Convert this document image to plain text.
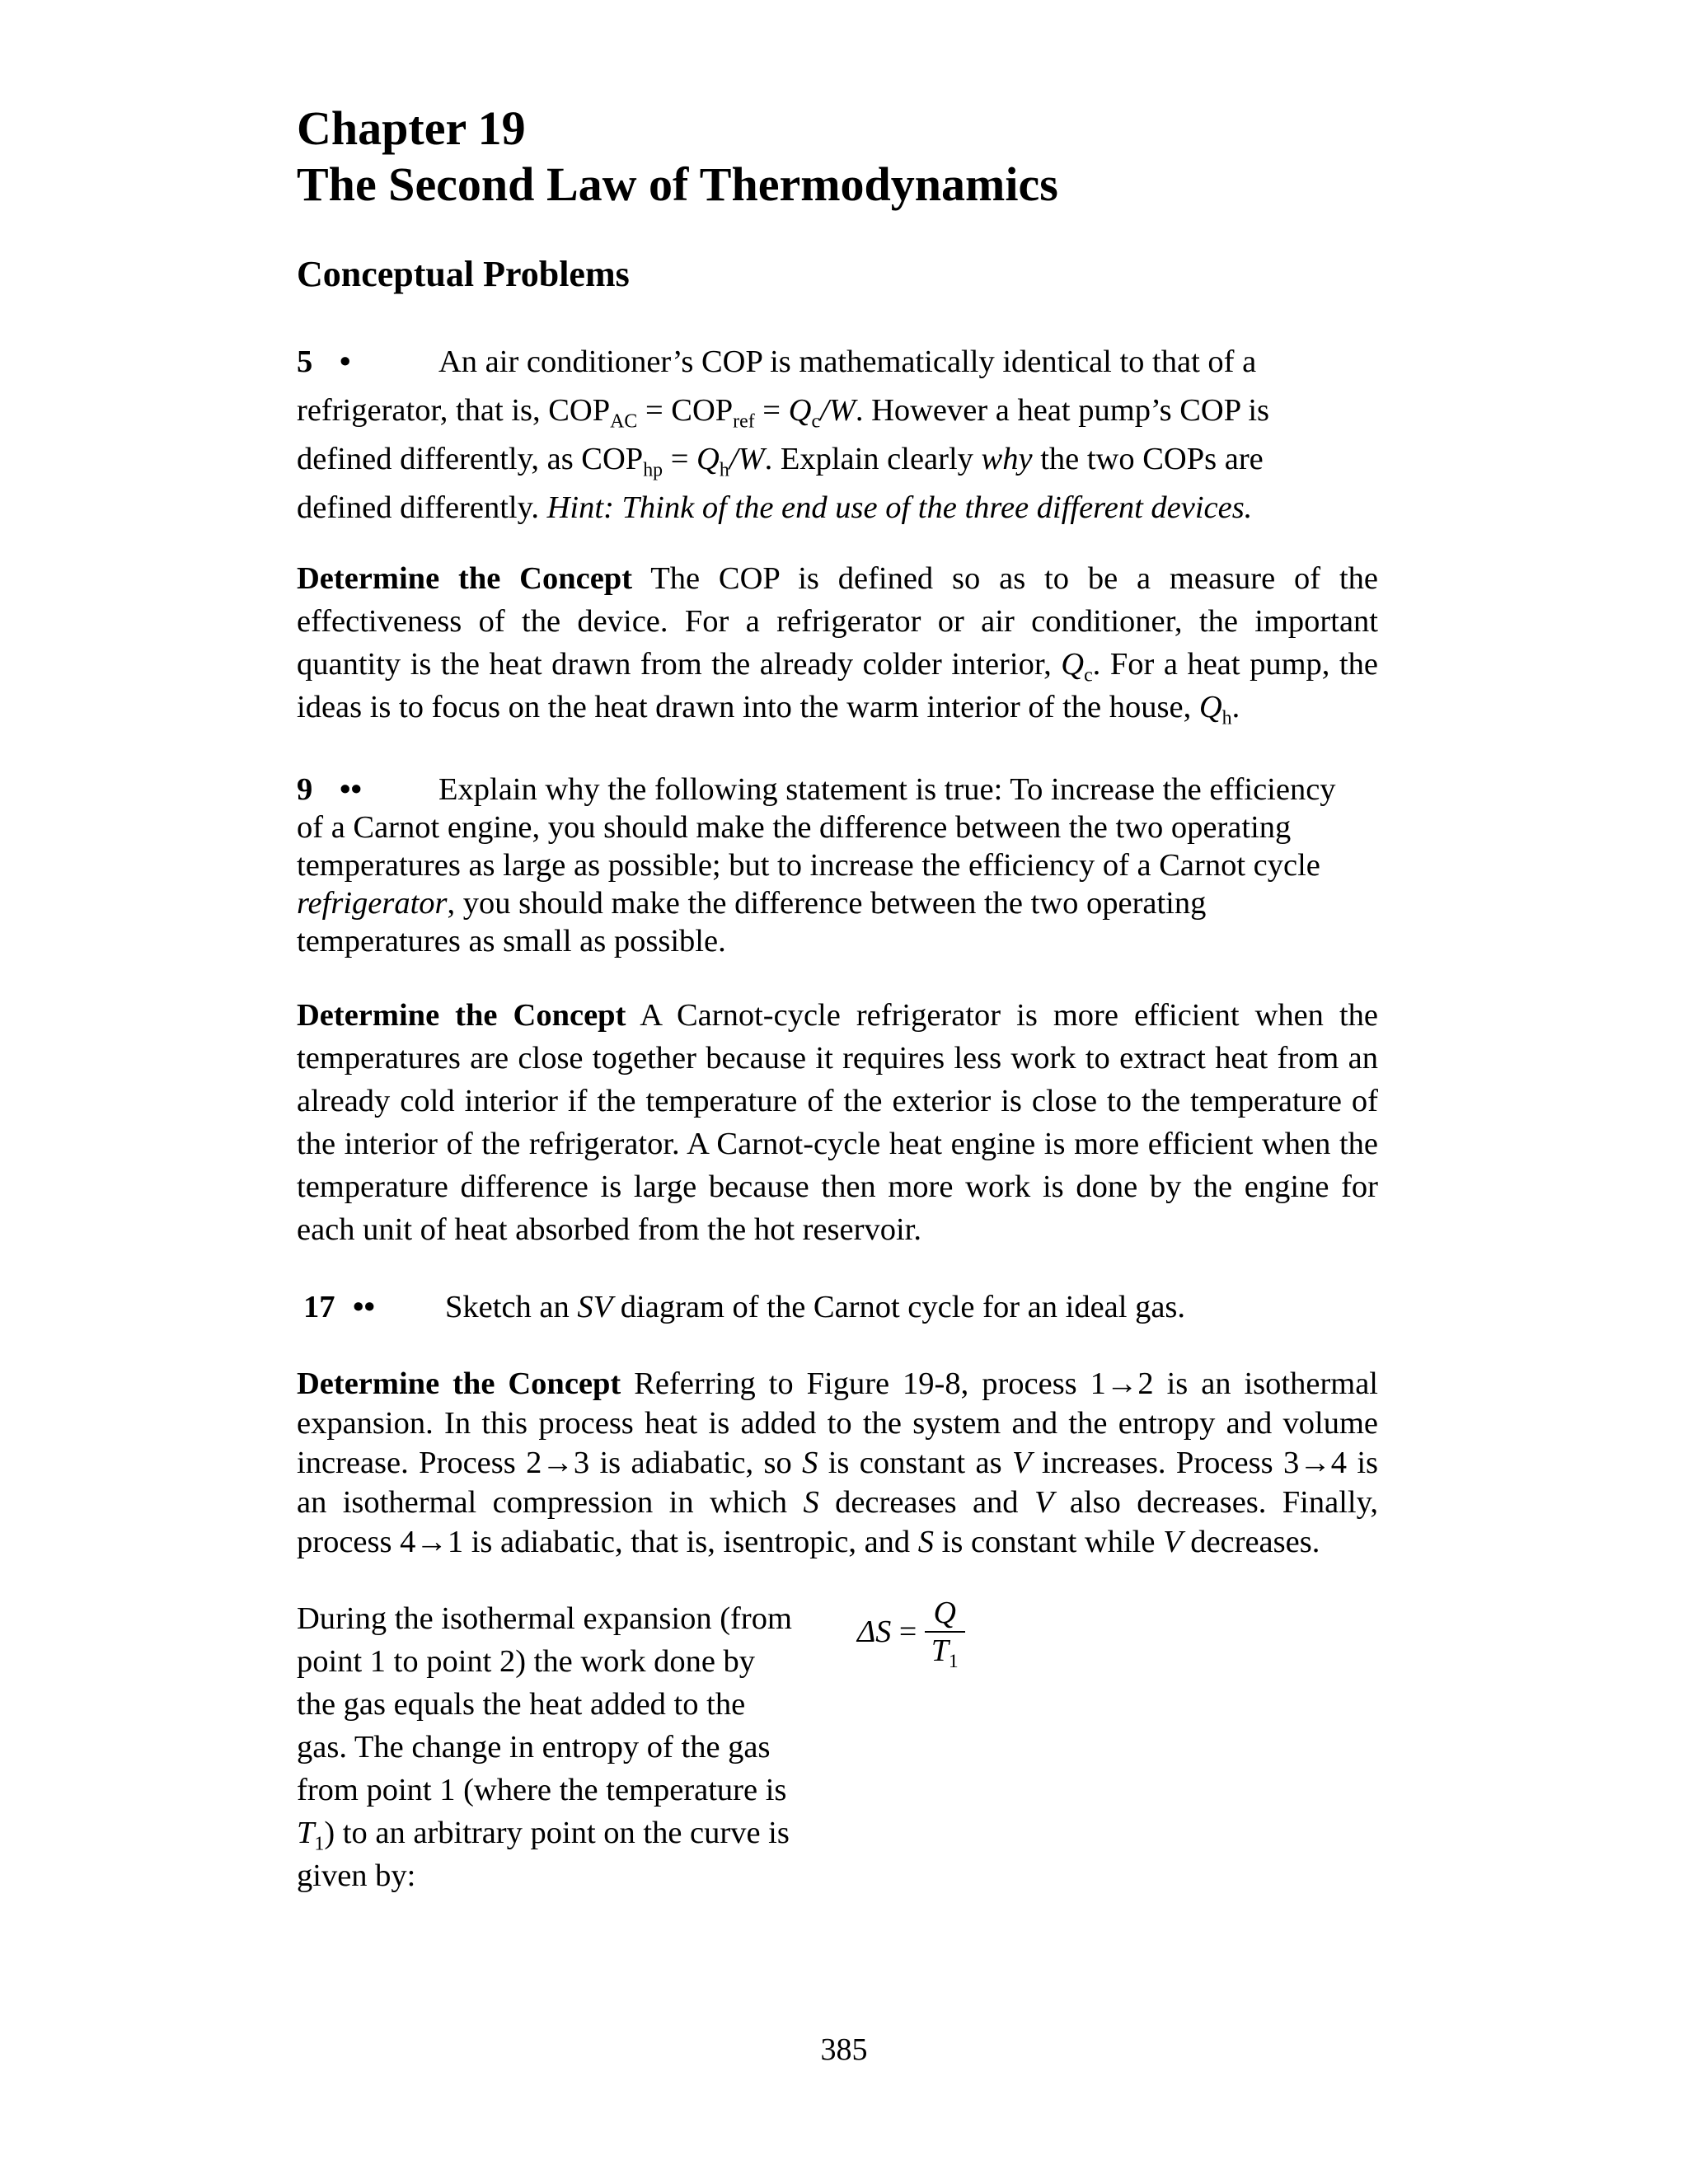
Chapter 19
The Second Law of Thermodynamics
Conceptual Problems
5 •	An air conditioner’s COP is mathematically identical to that of a
refrigerator, that is, $COP_{AC} = COP_{ref} = Q_c/W$. However a heat pump’s COP is
defined differently, as $COP_{hp} = Q_h/W$. Explain clearly why the two COPs are
defined differently. Hint: Think of the end use of the three different devices.

Determine the Concept The COP is defined so as to be a measure of the effectiveness of the device. For a refrigerator or air conditioner, the important quantity is the heat drawn from the already colder interior, $Q_c$. For a heat pump, the ideas is to focus on the heat drawn into the warm interior of the house, $Q_h$.

9 •• Explain why the following statement is true: To increase the efficiency
of a Carnot engine, you should make the difference between the two operating
temperatures as large as possible; but to increase the efficiency of a Carnot cycle
refrigerator, you should make the difference between the two operating
temperatures as small as possible.

Determine the Concept A Carnot-cycle refrigerator is more efficient when the temperatures are close together because it requires less work to extract heat from an already cold interior if the temperature of the exterior is close to the temperature of the interior of the refrigerator. A Carnot-cycle heat engine is more efficient when the temperature difference is large because then more work is done by the engine for each unit of heat absorbed from the hot reservoir.

17 •• Sketch an SV diagram of the Carnot cycle for an ideal gas.

Determine the Concept Referring to Figure 19-8, process 1→2 is an isothermal expansion. In this process heat is added to the system and the entropy and volume increase. Process 2→3 is adiabatic, so S is constant as V increases. Process 3→4 is an isothermal compression in which S decreases and V also decreases. Finally, process 4→1 is adiabatic, that is, isentropic, and S is constant while V decreases.

During the isothermal expansion (from
point 1 to point 2) the work done by
the gas equals the heat added to the
gas. The change in entropy of the gas
from point 1 (where the temperature is
$T_1$) to an arbitrary point on the curve is
given by:
$\Delta S = \frac{Q}{T_1}$
385
